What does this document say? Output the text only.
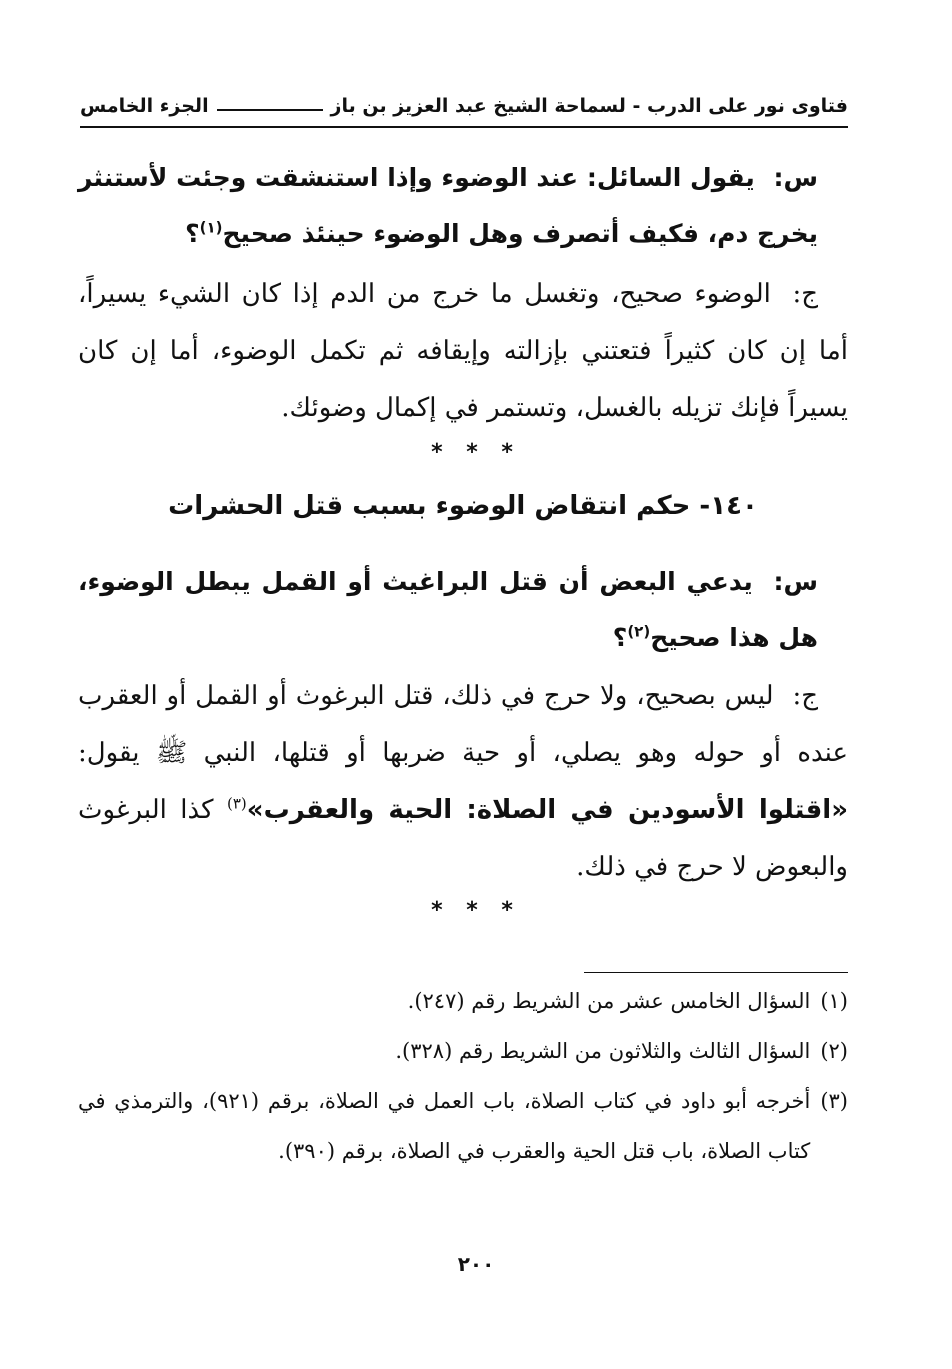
فتاوى نور على الدرب - لسماحة الشيخ عبد العزيز بن باز
الجزء الخامس
س: يقول السائل: عند الوضوء وإذا استنشقت وجئت لأستنثر يخرج دم، فكيف أتصرف وهل الوضوء حينئذ صحيح$^{(١)}$؟
ج: الوضوء صحيح، وتغسل ما خرج من الدم إذا كان الشيء يسيراً، أما إن كان كثيراً فتعتني بإزالته وإيقافه ثم تكمل الوضوء، أما إن كان يسيراً فإنك تزيله بالغسل، وتستمر في إكمال وضوئك.
* * *
١٤٠- حكم انتقاض الوضوء بسبب قتل الحشرات
س: يدعي البعض أن قتل البراغيث أو القمل يبطل الوضوء، هل هذا صحيح$^{(٢)}$؟
ج: ليس بصحيح، ولا حرج في ذلك، قتل البرغوث أو القمل أو العقرب عنده أو حوله وهو يصلي، أو حية ضربها أو قتلها، النبي ﷺ يقول: «اقتلوا الأسودين في الصلاة: الحية والعقرب»$^{(٣)}$ كذا البرغوث والبعوض لا حرج في ذلك.
* * *
(١)
السؤال الخامس عشر من الشريط رقم (٢٤٧).
(٢)
السؤال الثالث والثلاثون من الشريط رقم (٣٢٨).
(٣)
أخرجه أبو داود في كتاب الصلاة، باب العمل في الصلاة، برقم (٩٢١)، والترمذي في كتاب الصلاة، باب قتل الحية والعقرب في الصلاة، برقم (٣٩٠).
٢٠٠
